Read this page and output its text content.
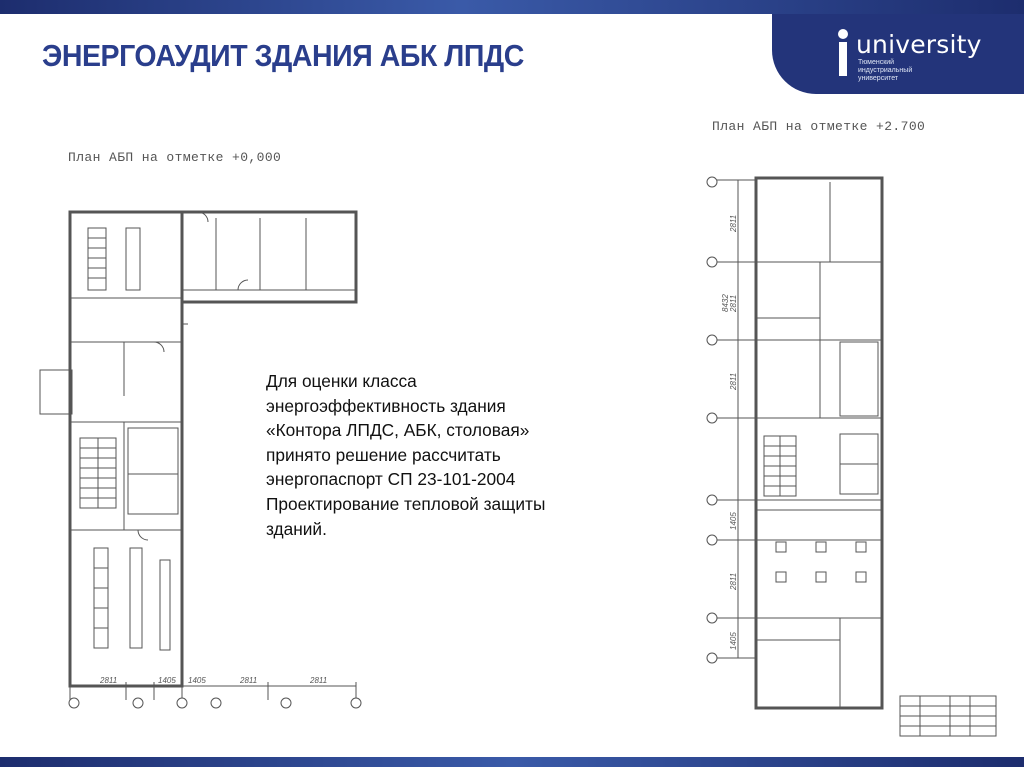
university
Тюменский
индустриальный
университет
ЭНЕРГОАУДИТ ЗДАНИЯ АБК ЛПДС
План АБП на отметке +0,000
План АБП на отметке +2.700
2811	1405 1405	2811	2811
2811
8432 2811
2811
1405
2811
1405
Для оценки класса
энергоэффективность здания
«Контора ЛПДС, АБК, столовая»
принято решение рассчитать
энергопаспорт СП 23-101-2004
Проектирование тепловой защиты
зданий.
